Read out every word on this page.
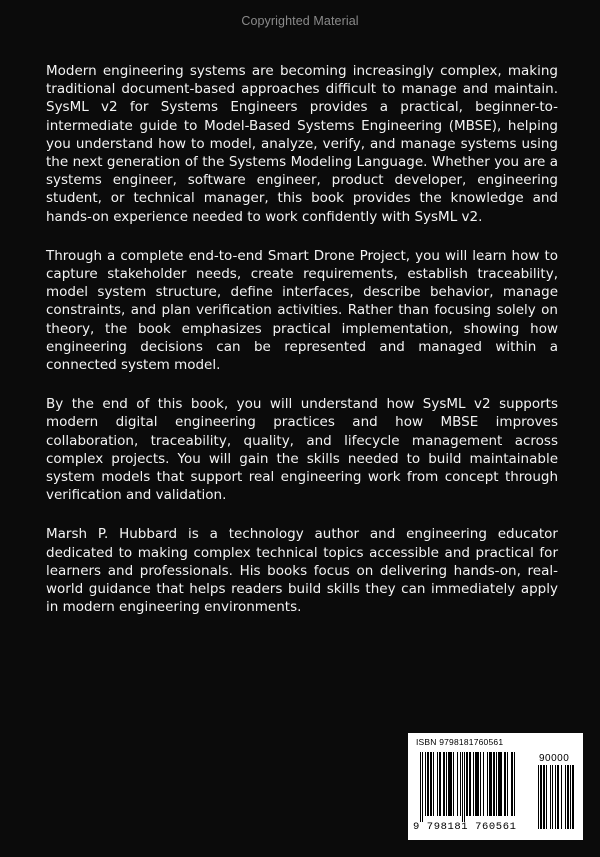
Copyrighted Material

Modern engineering systems are becoming increasingly complex, making traditional document-based approaches difficult to manage and maintain. SysML v2 for Systems Engineers provides a practical, beginner-to-intermediate guide to Model-Based Systems Engineering (MBSE), helping you understand how to model, analyze, verify, and manage systems using the next generation of the Systems Modeling Language. Whether you are a systems engineer, software engineer, product developer, engineering student, or technical manager, this book provides the knowledge and hands-on experience needed to work confidently with SysML v2.

Through a complete end-to-end Smart Drone Project, you will learn how to capture stakeholder needs, create requirements, establish traceability, model system structure, define interfaces, describe behavior, manage constraints, and plan verification activities. Rather than focusing solely on theory, the book emphasizes practical implementation, showing how engineering decisions can be represented and managed within a connected system model.

By the end of this book, you will understand how SysML v2 supports modern digital engineering practices and how MBSE improves collaboration, traceability, quality, and lifecycle management across complex projects. You will gain the skills needed to build maintainable system models that support real engineering work from concept through verification and validation.

Marsh P. Hubbard is a technology author and engineering educator dedicated to making complex technical topics accessible and practical for learners and professionals. His books focus on delivering hands-on, real-world guidance that helps readers build skills they can immediately apply in modern engineering environments.

ISBN 9798181760561
90000
9 798181 760561
